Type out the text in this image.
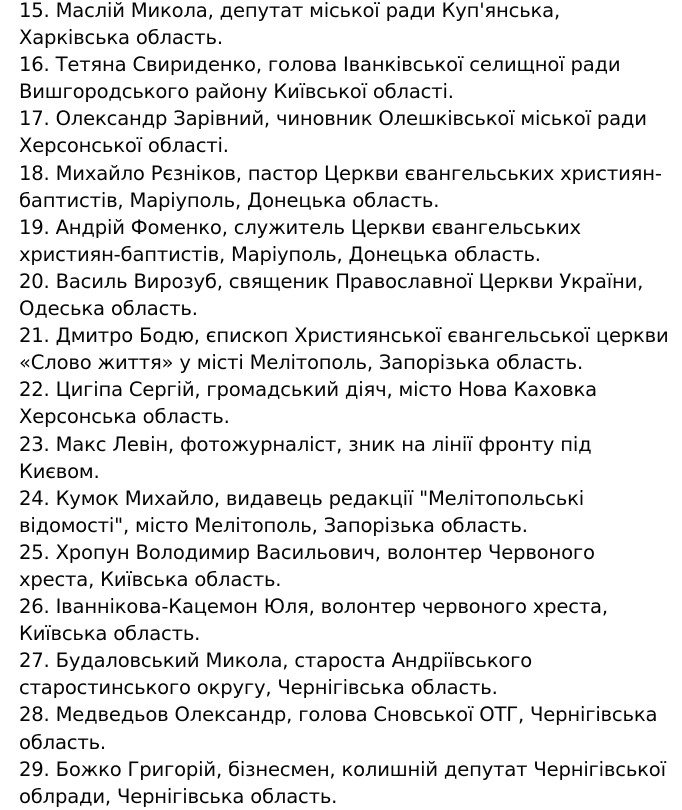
15. Маслій Микола, депутат міської ради Куп'янська, Харківська область.

16. Тетяна Свириденко, голова Іванківської селищної ради Вишгородського району Київської області.

17. Олександр Зарівний, чиновник Олешківської міської ради Херсонської області.

18. Михайло Рєзніков, пастор Церкви євангельських християн-баптистів, Маріуполь, Донецька область.

19. Андрій Фоменко, служитель Церкви євангельських християн-баптистів, Маріуполь, Донецька область.

20. Василь Вирозуб, священик Православної Церкви України, Одеська область.

21. Дмитро Бодю, єпископ Християнської євангельської церкви «Слово життя» у місті Мелітополь, Запорізька область.

22. Цигіпа Сергій, громадський діяч, місто Нова Каховка Херсонська область.

23. Макс Левін, фотожурналіст, зник на лінії фронту під Києвом.

24. Кумок Михайло, видавець редакції "Мелітопольські відомості", місто Мелітополь, Запорізька область.

25. Хропун Володимир Васильович, волонтер Червоного хреста, Київська область.

26. Іваннікова-Кацемон Юля, волонтер червоного хреста, Київська область.

27. Будаловський Микола, староста Андріївського старостинського округу, Чернігівська область.

28. Медведьов Олександр, голова Сновської ОТГ, Чернігівська область.

29. Божко Григорій, бізнесмен, колишній депутат Чернігівської облради, Чернігівська область.
